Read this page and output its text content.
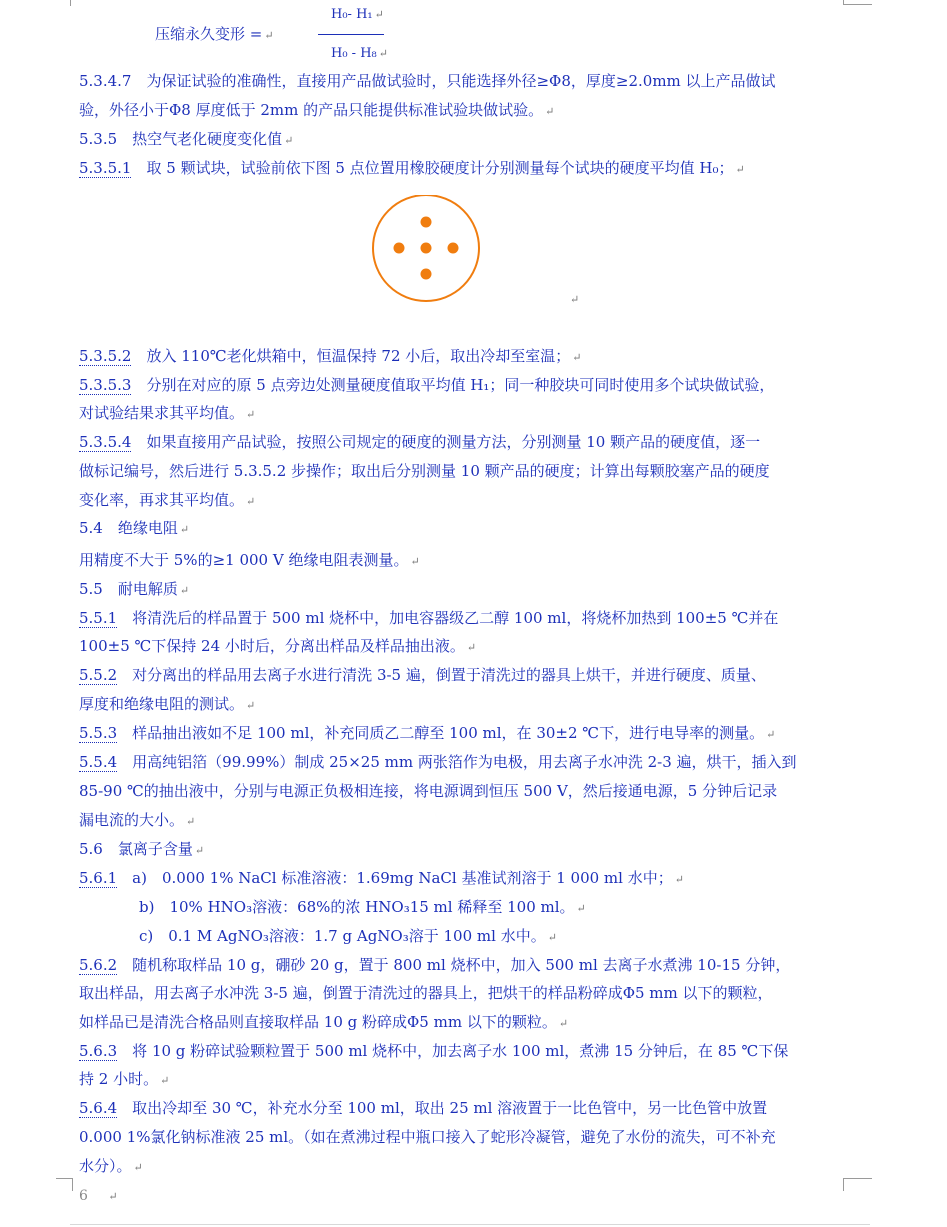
压缩永久变形 = ↵
H₀- H₁ ↵
H₀ - H₈ ↵
5.3.4.7　为保证试验的准确性，直接用产品做试验时，只能选择外径≥Φ8，厚度≥2.0mm 以上产品做试
验，外径小于Φ8 厚度低于 2mm 的产品只能提供标准试验块做试验。 ↵
5.3.5　热空气老化硬度变化值 ↵
5.3.5.1　取 5 颗试块，试验前依下图 5 点位置用橡胶硬度计分别测量每个试块的硬度平均值 H₀； ↵
5.3.5.2　放入 110℃老化烘箱中，恒温保持 72 小后，取出冷却至室温； ↵
5.3.5.3　分别在对应的原 5 点旁边处测量硬度值取平均值 H₁；同一种胶块可同时使用多个试块做试验，
对试验结果求其平均值。 ↵
5.3.5.4　如果直接用产品试验，按照公司规定的硬度的测量方法，分别测量 10 颗产品的硬度值，逐一
做标记编号，然后进行 5.3.5.2 步操作；取出后分别测量 10 颗产品的硬度；计算出每颗胶塞产品的硬度
变化率，再求其平均值。 ↵
5.4　绝缘电阻 ↵
用精度不大于 5%的≥1 000 V 绝缘电阻表测量。 ↵
5.5　耐电解质 ↵
5.5.1　将清洗后的样品置于 500 ml 烧杯中，加电容器级乙二醇 100 ml，将烧杯加热到 100±5 ℃并在
100±5 ℃下保持 24 小时后，分离出样品及样品抽出液。 ↵
5.5.2　对分离出的样品用去离子水进行清洗 3-5 遍，倒置于清洗过的器具上烘干，并进行硬度、质量、
厚度和绝缘电阻的测试。 ↵
5.5.3　样品抽出液如不足 100 ml，补充同质乙二醇至 100 ml，在 30±2 ℃下，进行电导率的测量。 ↵
5.5.4　用高纯铝箔（99.99%）制成 25×25 mm 两张箔作为电极，用去离子水冲洗 2-3 遍，烘干，插入到
85-90 ℃的抽出液中，分别与电源正负极相连接，将电源调到恒压 500 V，然后接通电源，5 分钟后记录
漏电流的大小。 ↵
5.6　氯离子含量 ↵
5.6.1　a)　0.000 1% NaCl 标准溶液：1.69mg NaCl 基准试剂溶于 1 000 ml 水中； ↵
　　　　b)　10% HNO₃溶液：68%的浓 HNO₃15 ml 稀释至 100 ml。 ↵
　　　　c)　0.1 M AgNO₃溶液：1.7 g AgNO₃溶于 100 ml 水中。 ↵
5.6.2　随机称取样品 10 g，硼砂 20 g，置于 800 ml 烧杯中，加入 500 ml 去离子水煮沸 10-15 分钟，
取出样品，用去离子水冲洗 3-5 遍，倒置于清洗过的器具上，把烘干的样品粉碎成Φ5 mm 以下的颗粒，
如样品已是清洗合格品则直接取样品 10 g 粉碎成Φ5 mm 以下的颗粒。 ↵
5.6.3　将 10 g 粉碎试验颗粒置于 500 ml 烧杯中，加去离子水 100 ml，煮沸 15 分钟后，在 85 ℃下保
持 2 小时。 ↵
5.6.4　取出冷却至 30 ℃，补充水分至 100 ml，取出 25 ml 溶液置于一比色管中，另一比色管中放置
0.000 1%氯化钠标准液 25 ml。（如在煮沸过程中瓶口接入了蛇形冷凝管，避免了水份的流失，可不补充
水分）。 ↵
↵
6 ↵
